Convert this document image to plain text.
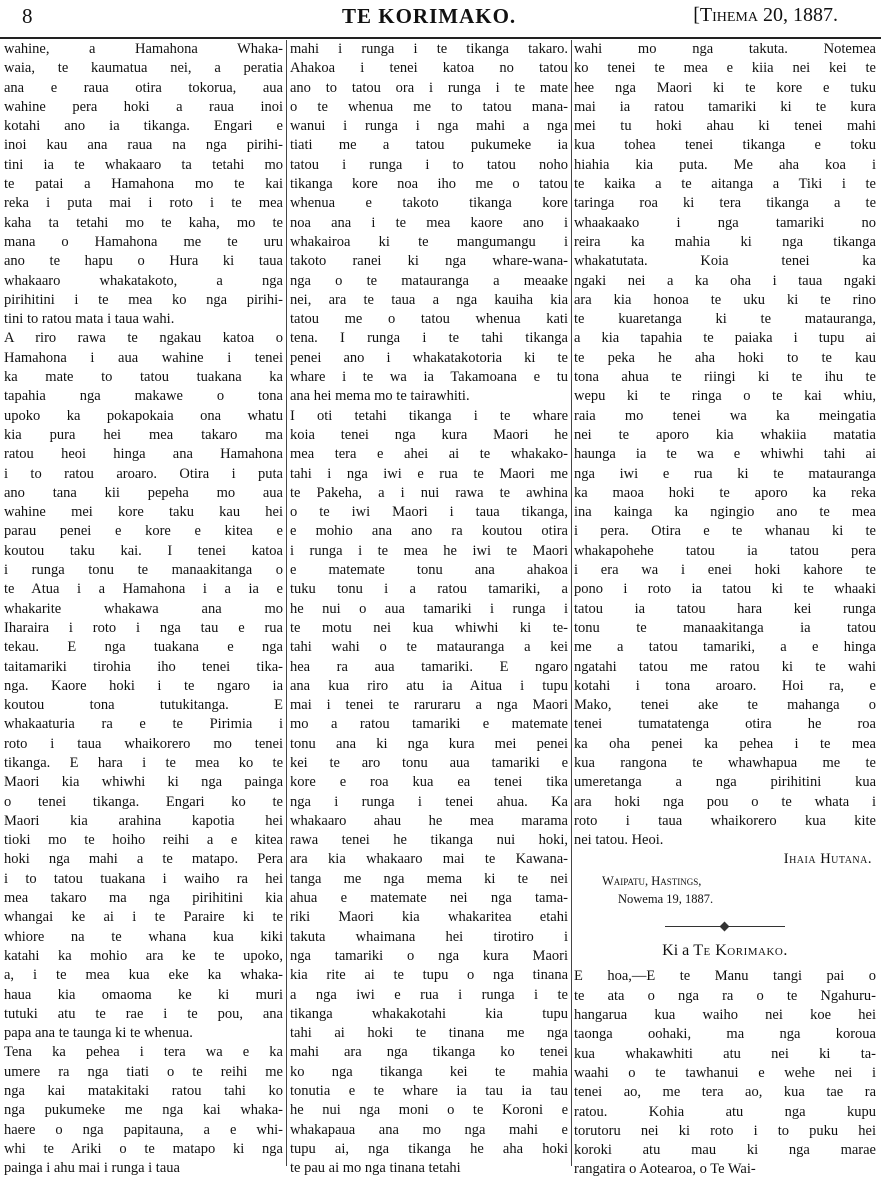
8	TE KORIMAKO.	[Tihema 20, 1887.
wahine, a Hamahona Whaka-
waia, te kaumatua nei, a peratia
ana e raua otira tokorua, aua
wahine pera hoki a raua inoi
kotahi ano ia tikanga. Engari e
inoi kau ana raua na nga pirihi-
tini ia te whakaaro ta tetahi mo
te patai a Hamahona mo te kai
reka i puta mai i roto i te mea
kaha ta tetahi mo te kaha, mo te
mana o Hamahona me te uru
ano te hapu o Hura ki taua
whakaaro whakatakoto, a nga
pirihitini i te mea ko nga pirihi-
tini to ratou mata i taua wahi.
A riro rawa te ngakau katoa o
Hamahona i aua wahine i tenei
ka mate to tatou tuakana ka
tapahia nga makawe o tona
upoko ka pokapokaia ona whatu
kia pura hei mea takaro ma
ratou heoi hinga ana Hamahona
i to ratou aroaro. Otira i puta
ano tana kii pepeha mo aua
wahine mei kore taku kau hei
parau penei e kore e kitea e
koutou taku kai. I tenei katoa
i runga tonu te manaakitanga o
te Atua i a Hamahona i a ia e
whakarite whakawa ana mo
Iharaira i roto i nga tau e rua
tekau. E nga tuakana e nga
taitamariki tirohia iho tenei tika-
nga. Kaore hoki i te ngaro ia
koutou tona tutukitanga. E
whakaaturia ra e te Pirimia i
roto i taua whaikorero mo tenei
tikanga. E hara i te mea ko te
Maori kia whiwhi ki nga painga
o tenei tikanga. Engari ko te
Maori kia arahina kapotia hei
tioki mo te hoiho reihi a e kitea
hoki nga mahi a te matapo. Pera
i to tatou tuakana i waiho ra hei
mea takaro ma nga pirihitini kia
whangai ke ai i te Paraire ki te
whiore na te whana kua kiki
katahi ka mohio ara ke te upoko,
a, i te mea kua eke ka whaka-
haua kia omaoma ke ki muri
tutuki atu te rae i te pou, ana
papa ana te taunga ki te whenua.
Tena ka pehea i tera wa e ka
umere ra nga tiati o te reihi me
nga kai matakitaki ratou tahi ko
nga pukumeke me nga kai whaka-
haere o nga papitauna, a e whi-
whi te Ariki o te matapo ki nga
painga i ahu mai i runga i taua
mahi i runga i te tikanga takaro.
Ahakoa i tenei katoa no tatou
ano to tatou ora i runga i te mate
o te whenua me to tatou mana-
wanui i runga i nga mahi a nga
tiati me a tatou pukumeke ia
tatou i runga i to tatou noho
tikanga kore noa iho me o tatou
whenua e takoto tikanga kore
noa ana i te mea kaore ano i
whakairoa ki te mangumangu i
takoto ranei ki nga whare-wana-
nga o te matauranga a meaake
nei, ara te taua a nga kauiha kia
tatou me o tatou whenua kati
tena. I runga i te tahi tikanga
penei ano i whakatakotoria ki te
whare i te wa ia Takamoana e tu
ana hei mema mo te tairawhiti.
I oti tetahi tikanga i te whare
koia tenei nga kura Maori he
mea tera e ahei ai te whakako-
tahi i nga iwi e rua te Maori me
te Pakeha, a i nui rawa te awhina
o te iwi Maori i taua tikanga,
e mohio ana ano ra koutou otira
i runga i te mea he iwi te Maori
e matemate tonu ana ahakoa
tuku tonu i a ratou tamariki, a
he nui o aua tamariki i runga i
te motu nei kua whiwhi ki te-
tahi wahi o te matauranga a kei
hea ra aua tamariki. E ngaro
ana kua riro atu ia Aitua i tupu
mai i tenei te raruraru a nga Maori
mo a ratou tamariki e matemate
tonu ana ki nga kura mei penei
kei te aro tonu aua tamariki e
kore e roa kua ea tenei tika
nga i runga i tenei ahua. Ka
whakaaro ahau he mea marama
rawa tenei he tikanga nui hoki,
ara kia whakaaro mai te Kawana-
tanga me nga mema ki te nei
ahua e matemate nei nga tama-
riki Maori kia whakaritea etahi
takuta whaimana hei tirotiro i
nga tamariki o nga kura Maori
kia rite ai te tupu o nga tinana
a nga iwi e rua i runga i te
tikanga whakakotahi kia tupu
tahi ai hoki te tinana me nga
mahi ara nga tikanga ko tenei
ko nga tikanga kei te mahia
tonutia e te whare ia tau ia tau
he nui nga moni o te Koroni e
whakapaua ana mo nga mahi e
tupu ai, nga tikanga he aha hoki
te pau ai mo nga tinana tetahi
wahi mo nga takuta. Notemea
ko tenei te mea e kiia nei kei te
hee nga Maori ki te kore e tuku
mai ia ratou tamariki ki te kura
mei tu hoki ahau ki tenei mahi
kua tohea tenei tikanga e toku
hiahia kia puta. Me aha koa i
te kaika a te aitanga a Tiki i te
taringa roa ki tera tikanga a te
whaakaako i nga tamariki no
reira ka mahia ki nga tikanga
whakatutata. Koia tenei ka
ngaki nei a ka oha i taua ngaki
ara kia honoa te uku ki te rino
te kuaretanga ki te matauranga,
a kia tapahia te paiaka i tupu ai
te peka he aha hoki to te kau
tona ahua te riingi ki te ihu te
wepu ki te ringa o te kai whiu,
raia mo tenei wa ka meingatia
nei te aporo kia whakiia matatia
haunga ia te wa e whiwhi tahi ai
nga iwi e rua ki te matauranga
ka maoa hoki te aporo ka reka
ina kainga ka ngingio ano te mea
i pera. Otira e te whanau ki te
whakapohehe tatou ia tatou pera
i era wa i enei hoki kahore te
pono i roto ia tatou ki te whaaki
tatou ia tatou hara kei runga
tonu te manaakitanga ia tatou
me a tatou tamariki, a e hinga
ngatahi tatou me ratou ki te wahi
kotahi i tona aroaro. Hoi ra, e
Mako, tenei ake te mahanga o
tenei tumatatenga otira he roa
ka oha penei ka pehea i te mea
kua rangona te whawhapua me te
umeretanga a nga pirihitini kua
ara hoki nga pou o te whata i
roto i taua whaikorero kua kite
nei tatou. Heoi.
Ihaia Hutana.
Waipatu, Hastings,
Nowema 19, 1887.
Ki a Te Korimako.
E hoa,—E te Manu tangi pai o
te ata o nga ra o te Ngahuru-
hangarua kua waiho nei koe hei
taonga oohaki, ma nga koroua
kua whakawhiti atu nei ki ta-
waahi o te tawhanui e wehe nei i
tenei ao, me tera ao, kua tae ra
ratou. Kohia atu nga kupu
torutoru nei ki roto i to puku hei
koroki atu mau ki nga marae
rangatira o Aotearoa, o Te Wai-
